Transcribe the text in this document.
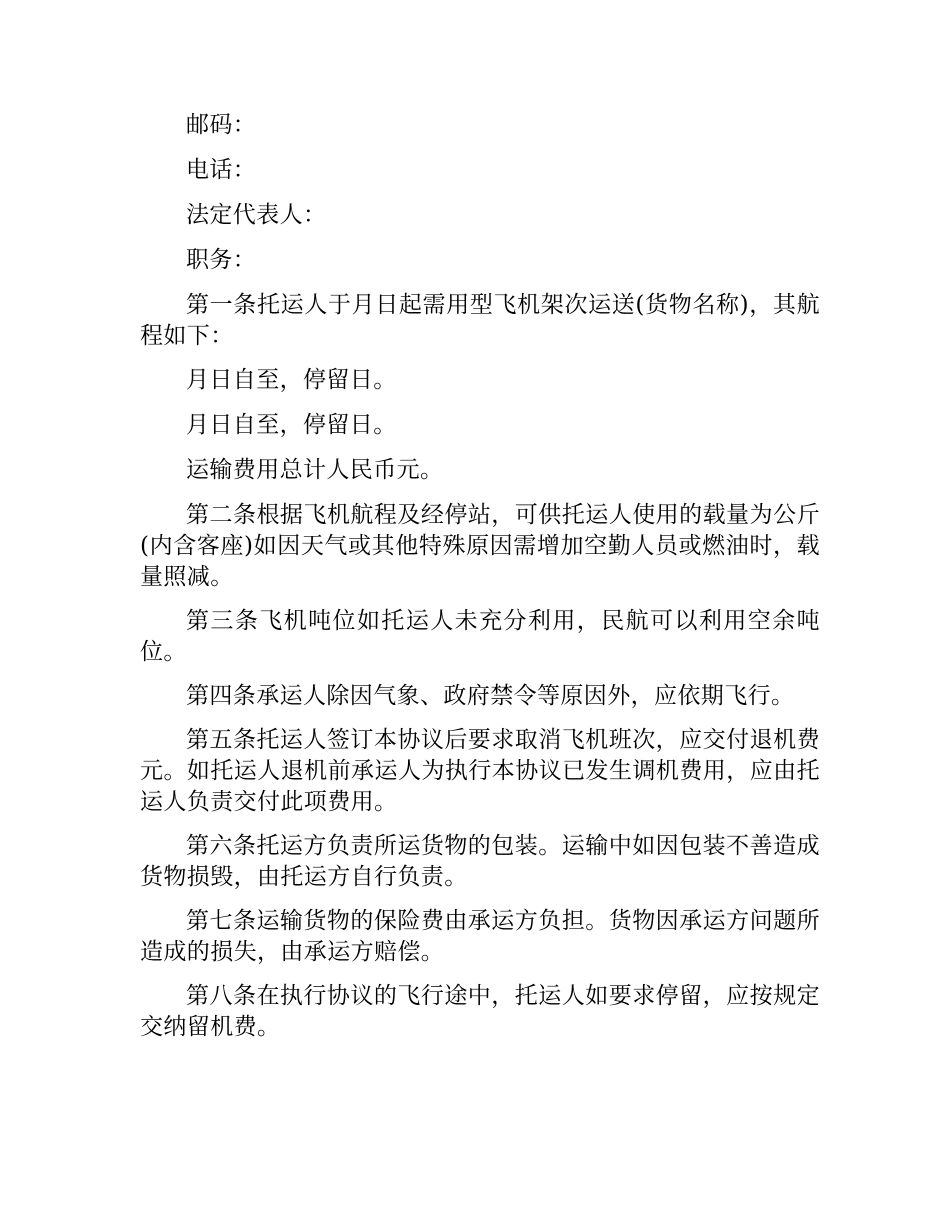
邮码：

电话：

法定代表人：

职务：

第一条托运人于月日起需用型飞机架次运送(货物名称)，其航程如下：

月日自至，停留日。

月日自至，停留日。

运输费用总计人民币元。

第二条根据飞机航程及经停站，可供托运人使用的载量为公斤(内含客座)如因天气或其他特殊原因需增加空勤人员或燃油时，载量照减。

第三条飞机吨位如托运人未充分利用，民航可以利用空余吨位。

第四条承运人除因气象、政府禁令等原因外，应依期飞行。

第五条托运人签订本协议后要求取消飞机班次，应交付退机费元。如托运人退机前承运人为执行本协议已发生调机费用，应由托运人负责交付此项费用。

第六条托运方负责所运货物的包装。运输中如因包装不善造成货物损毁，由托运方自行负责。

第七条运输货物的保险费由承运方负担。货物因承运方问题所造成的损失，由承运方赔偿。

第八条在执行协议的飞行途中，托运人如要求停留，应按规定交纳留机费。
